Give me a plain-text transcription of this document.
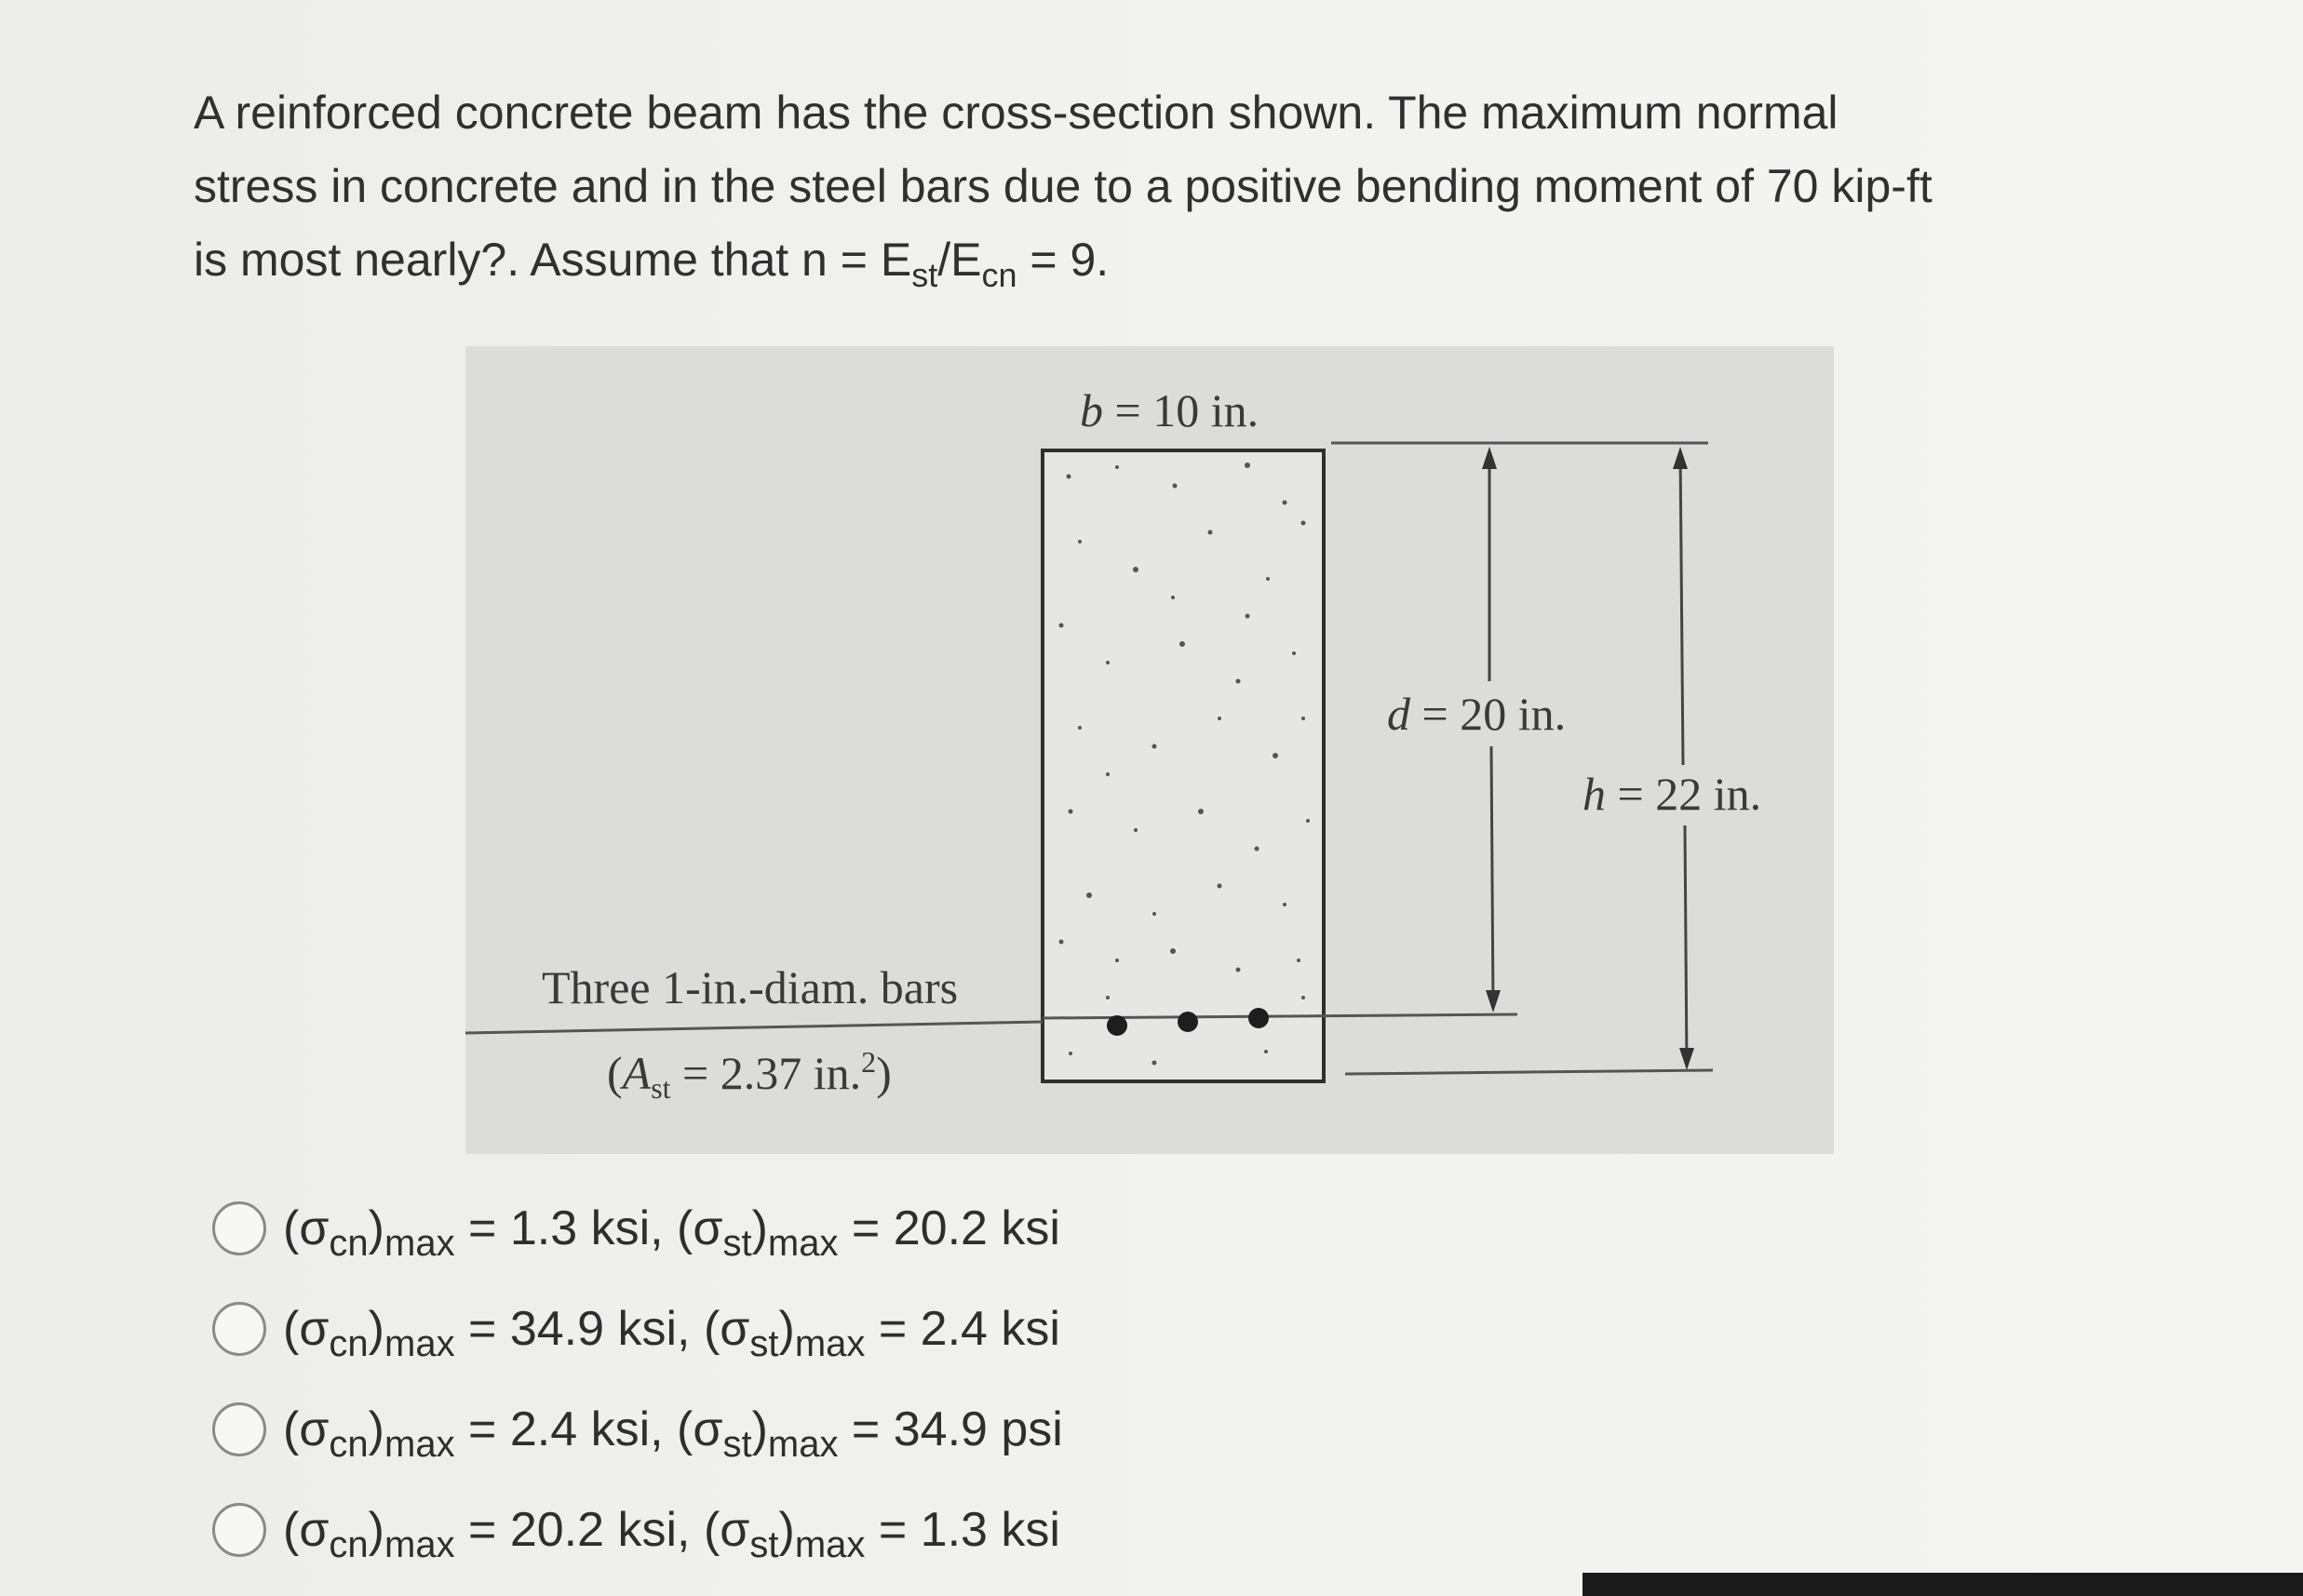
A reinforced concrete beam has the cross-section shown. The maximum normal

stress in concrete and in the steel bars due to a positive bending moment of 70 kip-ft

is most nearly?. Assume that $n = E_{st}/E_{cn} = 9$.

b = 10 in.
d = 20 in.
h = 22 in.
Three 1-in.-diam. bars
($A_{st} = 2.37$ in.$^2$)
$(\sigma_{cn})_{max} = 1.3$ ksi, $(\sigma_{st})_{max} = 20.2$ ksi
$(\sigma_{cn})_{max} = 34.9$ ksi, $(\sigma_{st})_{max} = 2.4$ ksi
$(\sigma_{cn})_{max} = 2.4$ ksi, $(\sigma_{st})_{max} = 34.9$ psi
$(\sigma_{cn})_{max} = 20.2$ ksi, $(\sigma_{st})_{max} = 1.3$ ksi
